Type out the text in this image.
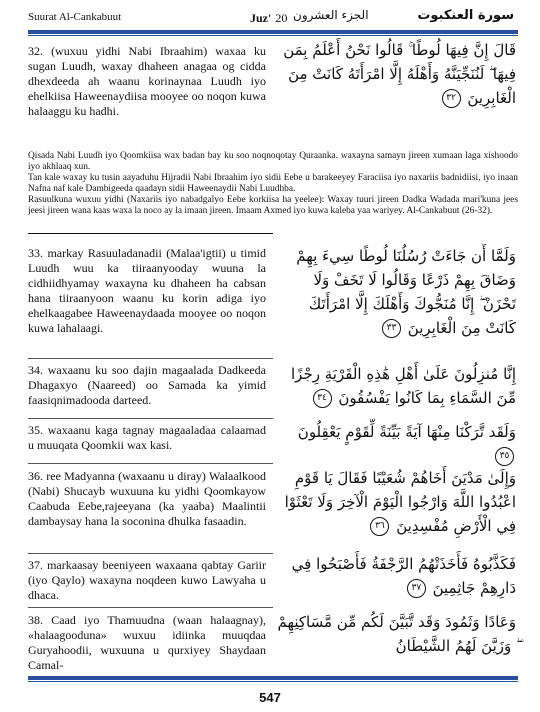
Suurat Al-Cankabuut	Juz' 20 الجزء العشرون	سورة العنكبوت
32. (wuxuu yidhi Nabi Ibraahim) waxaa ku sugan Luudh, waxay dhaheen anagaa og cidda dhexdeeda ah waanu korinaynaa Luudh iyo ehelkiisa Haweenaydiisa mooyee oo noqon kuwa halaaggu ku hadhi.
قَالَ إِنَّ فِيهَا لُوطًا ۚ قَالُوا نَحْنُ أَعْلَمُ بِمَن فِيهَا ۖ لَنُنَجِّيَنَّهُ وَأَهْلَهُ إِلَّا امْرَأَتَهُ كَانَتْ مِنَ الْغَابِرِينَ ٣٢

Qisada Nabi Luudh iyo Qoomkiisa wax badan bay ku soo noqnoqotay Quraanka. waxayna samayn jireen xumaan laga xishoodo iyo akhlaaq xun.

Tan kale waxay ku tusin aayaduhu Hijradii Nabi Ibraahim iyo sidii Eebe u barakeeyey Faraciisa iyo naxariis badnidiisi, iyo inaan Nafna naf kale Dambigeeda qaadayn sidii Haweenaydii Nabi Luudhba.

Rasuulkuna wuxuu yidhi (Naxariis iyo nabadgalyo Eebe korkiisa ha yeelee): Waxay tuuri jireen Dadka Wadada mari'kuna jees jeesi jireen wana kaas waxa la noco ay la imaan jireen. Imaam Axmed iyo kuwa kaleba yaa wariyey. Al-Cankabuut (26-32).

33. markay Rasuuladanadii (Malaa'igtii) u timid Luudh wuu ka tiiraanyooday wuuna la cidhiidhyamay waxayna ku dhaheen ha cabsan hana tiiraanyoon waanu ku korin adiga iyo ehelkaagabee Haweenaydaada mooyee oo noqon kuwa lahalaagi.
وَلَمَّا أَن جَاءَتْ رُسُلُنَا لُوطًا سِيءَ بِهِمْ وَضَاقَ بِهِمْ ذَرْعًا وَقَالُوا لَا تَخَفْ وَلَا تَحْزَنْ ۖ إِنَّا مُنَجُّوكَ وَأَهْلَكَ إِلَّا امْرَأَتَكَ كَانَتْ مِنَ الْغَابِرِينَ ٣٣
34. waxaanu ku soo dajin magaalada Dadkeeda Dhagaxyo (Naareed) oo Samada ka yimid faasiqnimadooda darteed.
إِنَّا مُنزِلُونَ عَلَىٰ أَهْلِ هَٰذِهِ الْقَرْيَةِ رِجْزًا مِّنَ السَّمَاءِ بِمَا كَانُوا يَفْسُقُونَ ٣٤
35. waxaanu kaga tagnay magaaladaa calaamad u muuqata Qoomkii wax kasi.
وَلَقَد تَّرَكْنَا مِنْهَا آيَةً بَيِّنَةً لِّقَوْمٍ يَعْقِلُونَ ٣٥
36. ree Madyanna (waxaanu u diray) Walaalkood (Nabi) Shucayb wuxuuna ku yidhi Qoomkayow Caabuda Eebe,rajeeyana (ka yaaba) Maalintii dambaysay hana la soconina dhulka fasaadin.
وَإِلَىٰ مَدْيَنَ أَخَاهُمْ شُعَيْبًا فَقَالَ يَا قَوْمِ اعْبُدُوا اللَّهَ وَارْجُوا الْيَوْمَ الْآخِرَ وَلَا تَعْثَوْا فِي الْأَرْضِ مُفْسِدِينَ ٣٦
37. markaasay beeniyeen waxaana qabtay Gariir (iyo Qaylo) waxayna noqdeen kuwo Lawyaha u dhaca.
فَكَذَّبُوهُ فَأَخَذَتْهُمُ الرَّجْفَةُ فَأَصْبَحُوا فِي دَارِهِمْ جَاثِمِينَ ٣٧
38. Caad iyo Thamuudna (waan halaagnay), «halaagooduna» wuxuu idiinka muuqdaa Guryahoodii, wuxuuna u qurxiyey Shaydaan Camal-
وَعَادًا وَثَمُودَ وَقَد تَّبَيَّنَ لَكُم مِّن مَّسَاكِنِهِمْ ۖ وَزَيَّنَ لَهُمُ الشَّيْطَانُ
547
